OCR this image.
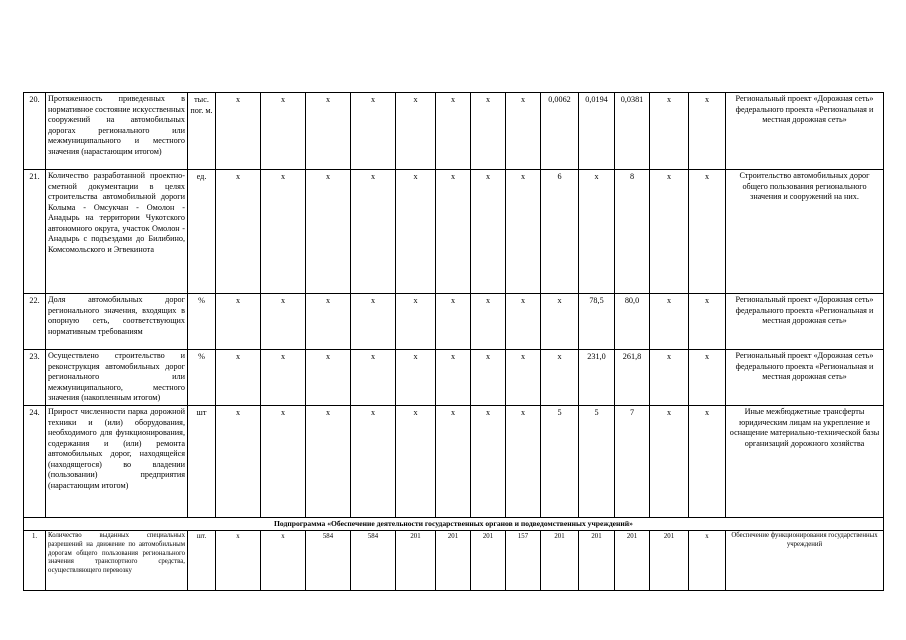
20.	Протяженность приведенных в нормативное состояние искусственных сооружений на автомобильных дорогах регионального или межмуниципального и местного значения (нарастающим итогом)	тыс. пог. м.	x	x	x	x	x	x	x	x	0,0062	0,0194	0,0381	x	x	Региональный проект «Дорожная сеть» федерального проекта «Региональная и местная дорожная сеть»
21.	Количество разработанной проектно-сметной документации в целях строительства автомобильной дороги Колыма - Омсукчан - Омолон - Анадырь на территории Чукотского автономного округа, участок Омолон - Анадырь с подъездами до Билибино, Комсомольского и Эгвекинота	ед.	x	x	x	x	x	x	x	x	6	x	8	x	x	Строительство автомобильных дорог общего пользования регионального значения и сооружений на них.
22.	Доля автомобильных дорог регионального значения, входящих в опорную сеть, соответствующих нормативным требованиям	%	x	x	x	x	x	x	x	x	x	78,5	80,0	x	x	Региональный проект «Дорожная сеть» федерального проекта «Региональная и местная дорожная сеть»
23.	Осуществлено строительство и реконструкция автомобильных дорог регионального или межмуниципального, местного значения (накопленным итогом)	%	x	x	x	x	x	x	x	x	x	231,0	261,8	x	x	Региональный проект «Дорожная сеть» федерального проекта «Региональная и местная дорожная сеть»
24.	Прирост численности парка дорожной техники и (или) оборудования, необходимого для функционирования, содержания и (или) ремонта автомобильных дорог, находящейся (находящегося) во владении (пользовании) предприятия (нарастающим итогом)	шт	x	x	x	x	x	x	x	x	5	5	7	x	x	Иные межбюджетные трансферты юридическим лицам на укрепление и оснащение материально-технической базы организаций дорожного хозяйства
Подпрограмма «Обеспечение деятельности государственных органов и подведомственных учреждений»																
1.	Количество выданных специальных разрешений на движение по автомобильным дорогам общего пользования регионального значения транспортного средства, осуществляющего перевозку	шт.	x	x	584	584	201	201	201	157	201	201	201	201	x	Обеспечение функционирования государственных учреждений
